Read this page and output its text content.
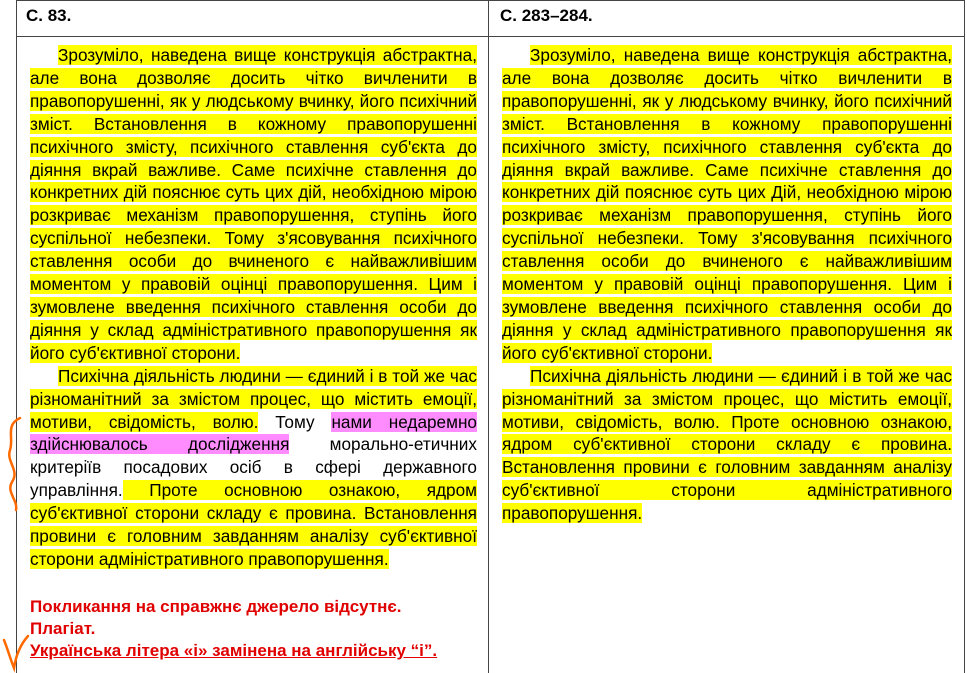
С. 83.	С. 283–284.

Зрозуміло, наведена вище конструкція абстрактна, але вона дозволяє досить чітко вичленити в правопорушенні, як у людському вчинку, його психічний зміст. Встановлення в кожному правопорушенні психічного змісту, психічного ставлення суб'єкта до діяння вкрай важливе. Саме психічне ставлення до конкретних дій пояснює суть цих дій, необхідною мірою розкриває механізм правопорушення, ступінь його суспільної небезпеки. Тому з'ясовування психічного ставлення особи до вчиненого є найважливішим моментом у правовій оцінці правопорушення. Цим і зумовлене введення психічного ставлення особи до діяння у склад адміністративного правопорушення як його суб'єктивної сторони.

Психічна діяльність людини — єдиний і в той же час різноманітний за змістом процес, що містить емоції, мотиви, свідомість, волю. Тому нами недаремно здійснювалось дослідження морально-етичних критеріїв посадових осіб в сфері державного управління. Проте основною ознакою, ядром суб'єктивної сторони складу є провина. Встановлення провини є головним завданням аналізу суб'єктивної сторони адміністративного правопорушення.

Зрозуміло, наведена вище конструкція абстрактна, але вона дозволяє досить чітко вичленити в правопорушенні, як у людському вчинку, його психічний зміст. Встановлення в кожному правопорушенні психічного змісту, психічного ставлення суб'єкта до діяння вкрай важливе. Саме психічне ставлення до конкретних дій пояснює суть цих Дій, необхідною мірою розкриває механізм правопорушення, ступінь його суспільної небезпеки. Тому з'ясовування психічного ставлення особи до вчиненого є найважливішим моментом у правовій оцінці правопорушення. Цим і зумовлене введення психічного ставлення особи до діяння у склад адміністративного правопорушення як його суб'єктивної сторони.

Психічна діяльність людини — єдиний і в той же час різноманітний за змістом процес, що містить емоції, мотиви, свідомість, волю. Проте основною ознакою, ядром суб'єктивної сторони складу є провина. Встановлення провини є головним завданням аналізу суб'єктивної сторони адміністративного правопорушення.

Покликання на справжнє джерело відсутнє.
Плагіат.
Українська літера «і» замінена на англійську “i”.
